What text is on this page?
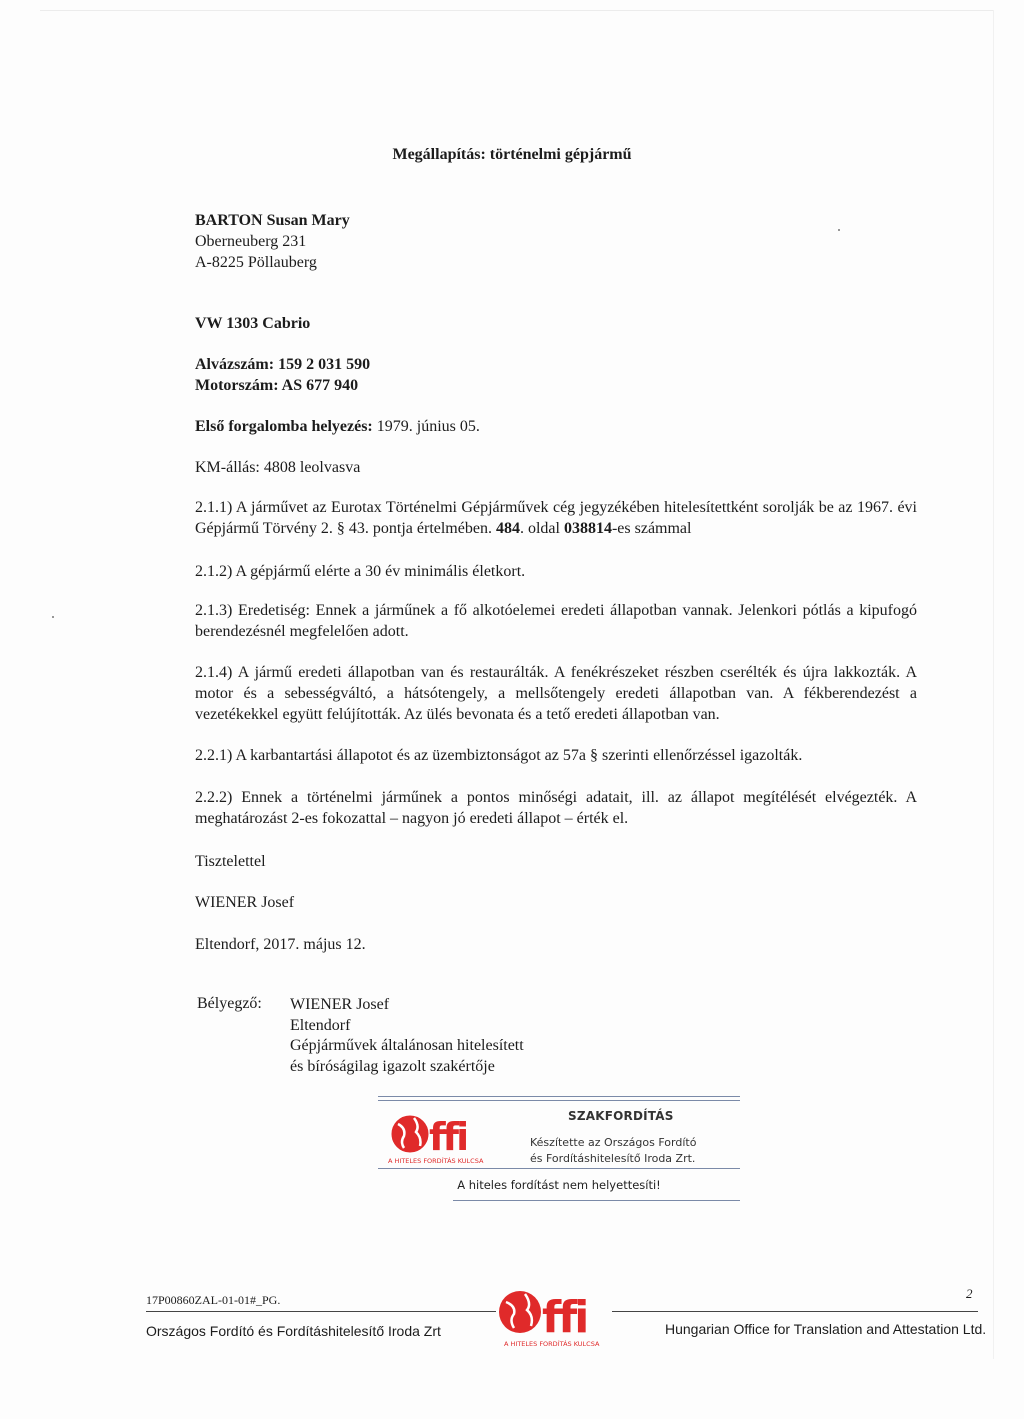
Megállapítás: történelmi gépjármű
BARTON Susan Mary
Oberneuberg 231
A-8225 Pöllauberg
VW 1303 Cabrio
Alvázszám: 159 2 031 590
Motorszám: AS 677 940
Első forgalomba helyezés: 1979. június 05.
KM-állás: 4808 leolvasva
2.1.1) A járművet az Eurotax Történelmi Gépjárművek cég jegyzékében hitelesítettként sorolják be az 1967. évi Gépjármű Törvény 2. § 43. pontja értelmében. 484. oldal 038814-es számmal
2.1.2) A gépjármű elérte a 30 év minimális életkort.
2.1.3) Eredetiség: Ennek a járműnek a fő alkotóelemei eredeti állapotban vannak. Jelenkori pótlás a kipufogó berendezésnél megfelelően adott.
2.1.4) A jármű eredeti állapotban van és restaurálták. A fenékrészeket részben cserélték és újra lakkozták. A motor és a sebességváltó, a hátsótengely, a mellsőtengely eredeti állapotban van. A fékberendezést a vezetékekkel együtt felújították. Az ülés bevonata és a tető eredeti állapotban van.
2.2.1) A karbantartási állapotot és az üzembiztonságot az 57a § szerinti ellenőrzéssel igazolták.
2.2.2) Ennek a történelmi járműnek a pontos minőségi adatait, ill. az állapot megítélését elvégezték. A meghatározást 2-es fokozattal – nagyon jó eredeti állapot – érték el.
Tisztelettel
WIENER Josef
Eltendorf, 2017. május 12.
Bélyegző: WIENER Josef
Eltendorf
Gépjárművek általánosan hitelesített
és bíróságilag igazolt szakértője
ffi
A HITELES FORDÍTÁS KULCSA
SZAKFORDÍTÁS
Készítette az Országos Fordító
és Fordításhitelesítő Iroda Zrt.
A hiteles fordítást nem helyettesíti!
17P00860ZAL-01-01#_PG.	2
ffi
A HITELES FORDÍTÁS KULCSA
Országos Fordító és Fordításhitelesítő Iroda Zrt	Hungarian Office for Translation and Attestation Ltd.
